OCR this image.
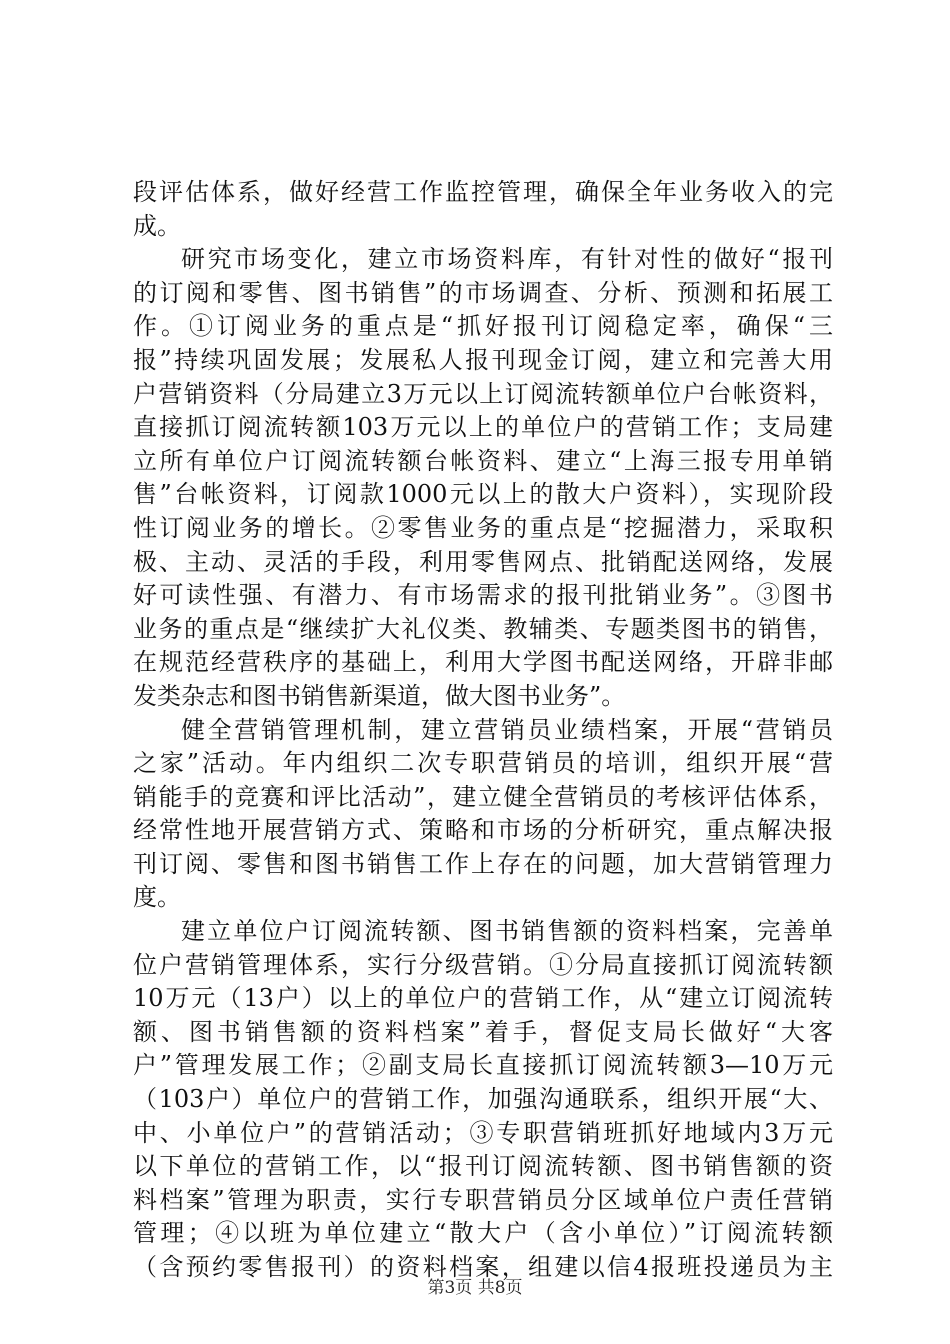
段评估体系，做好经营工作监控管理，确保全年业务收入的完
成。
研究市场变化，建立市场资料库，有针对性的做好“报刊
的订阅和零售、图书销售”的市场调查、分析、预测和拓展工
作。①订阅业务的重点是“抓好报刊订阅稳定率，确保“三
报”持续巩固发展；发展私人报刊现金订阅，建立和完善大用
户营销资料（分局建立3万元以上订阅流转额单位户台帐资料，
直接抓订阅流转额103万元以上的单位户的营销工作；支局建
立所有单位户订阅流转额台帐资料、建立“上海三报专用单销
售”台帐资料，订阅款1000元以上的散大户资料），实现阶段
性订阅业务的增长。②零售业务的重点是“挖掘潜力，采取积
极、主动、灵活的手段，利用零售网点、批销配送网络，发展
好可读性强、有潜力、有市场需求的报刊批销业务”。③图书
业务的重点是“继续扩大礼仪类、教辅类、专题类图书的销售，
在规范经营秩序的基础上，利用大学图书配送网络，开辟非邮
发类杂志和图书销售新渠道，做大图书业务”。
健全营销管理机制，建立营销员业绩档案，开展“营销员
之家”活动。年内组织二次专职营销员的培训，组织开展“营
销能手的竞赛和评比活动”，建立健全营销员的考核评估体系，
经常性地开展营销方式、策略和市场的分析研究，重点解决报
刊订阅、零售和图书销售工作上存在的问题，加大营销管理力
度。
建立单位户订阅流转额、图书销售额的资料档案，完善单
位户营销管理体系，实行分级营销。①分局直接抓订阅流转额
10万元（13户）以上的单位户的营销工作，从“建立订阅流转
额、图书销售额的资料档案”着手，督促支局长做好“大客
户”管理发展工作；②副支局长直接抓订阅流转额3—10万元
（103户）单位户的营销工作，加强沟通联系，组织开展“大、
中、小单位户”的营销活动；③专职营销班抓好地域内3万元
以下单位的营销工作，以“报刊订阅流转额、图书销售额的资
料档案”管理为职责，实行专职营销员分区域单位户责任营销
管理；④以班为单位建立“散大户（含小单位）”订阅流转额
（含预约零售报刊）的资料档案，组建以信4报班投递员为主
第3页 共8页
